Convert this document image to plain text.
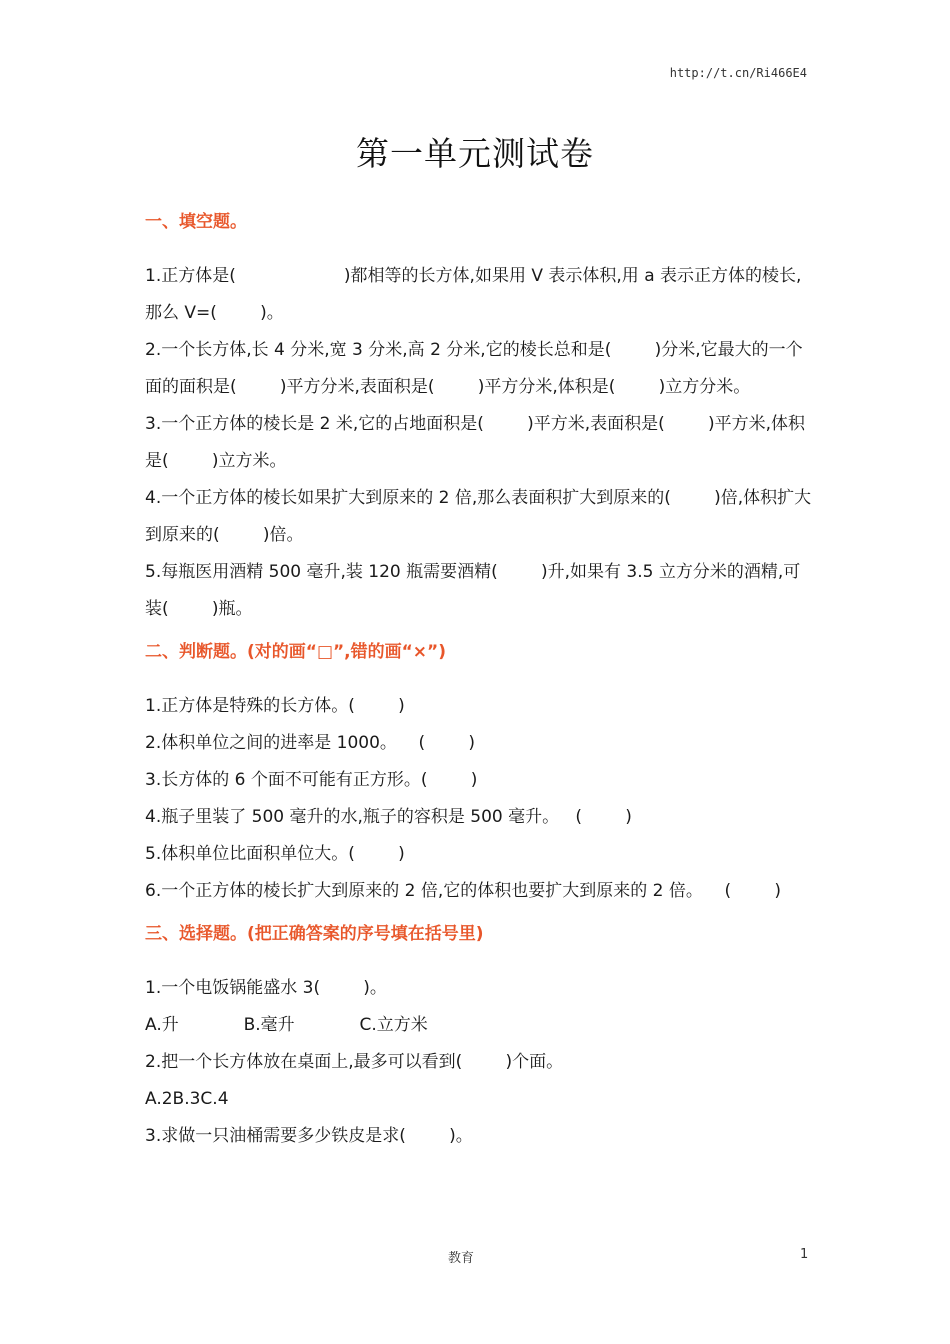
http://t.cn/Ri466E4
第一单元测试卷
一、填空题。
1.正方体是(                    )都相等的长方体,如果用 V 表示体积,用 a 表示正方体的棱长,那么 V=(        )。
2.一个长方体,长 4 分米,宽 3 分米,高 2 分米,它的棱长总和是(        )分米,它最大的一个面的面积是(        )平方分米,表面积是(        )平方分米,体积是(        )立方分米。
3.一个正方体的棱长是 2 米,它的占地面积是(        )平方米,表面积是(        )平方米,体积是(        )立方米。
4.一个正方体的棱长如果扩大到原来的 2 倍,那么表面积扩大到原来的(        )倍,体积扩大到原来的(        )倍。
5.每瓶医用酒精 500 毫升,装 120 瓶需要酒精(        )升,如果有 3.5 立方分米的酒精,可装(        )瓶。
二、判断题。(对的画“□”,错的画“×”)
1.正方体是特殊的长方体。(        )
2.体积单位之间的进率是 1000。    (        )
3.长方体的 6 个面不可能有正方形。(        )
4.瓶子里装了 500 毫升的水,瓶子的容积是 500 毫升。   (        )
5.体积单位比面积单位大。(        )
6.一个正方体的棱长扩大到原来的 2 倍,它的体积也要扩大到原来的 2 倍。    (        )
三、选择题。(把正确答案的序号填在括号里)
1.一个电饭锅能盛水 3(        )。
A.升            B.毫升            C.立方米
2.把一个长方体放在桌面上,最多可以看到(        )个面。
A.2B.3C.4
3.求做一只油桶需要多少铁皮是求(        )。
教育	1
